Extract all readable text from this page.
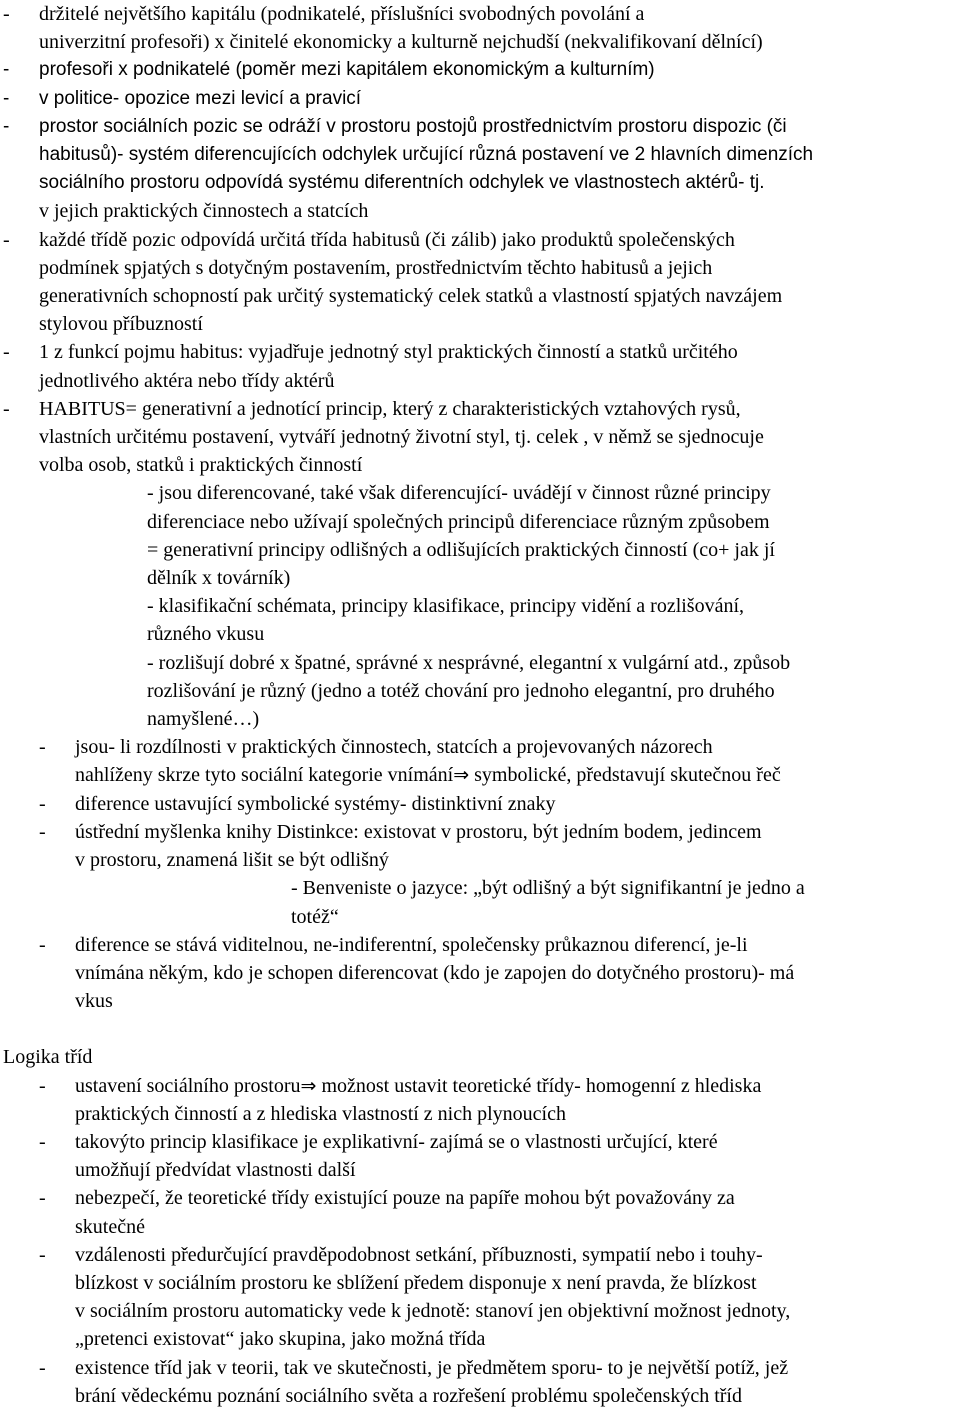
- držitelé největšího kapitálu (podnikatelé, příslušníci svobodných povolání a
univerzitní profesoři) x činitelé ekonomicky a kulturně nejchudší (nekvalifikovaní dělnící)
- profesoři x podnikatelé (poměr mezi kapitálem ekonomickým a kulturním)
- v politice- opozice mezi levicí a pravicí
- prostor sociálních pozic se odráží v prostoru postojů prostřednictvím prostoru dispozic (či
habitusů)- systém diferencujících odchylek určující různá postavení ve 2 hlavních dimenzích
sociálního prostoru odpovídá systému diferentních odchylek ve vlastnostech aktérů- tj.
v jejich praktických činnostech a statcích
- každé třídě pozic odpovídá určitá třída habitusů (či zálib) jako produktů společenských
podmínek spjatých s dotyčným postavením, prostřednictvím těchto habitusů a jejich
generativních schopností pak určitý systematický celek statků a vlastností spjatých navzájem
stylovou příbuzností
- 1 z funkcí pojmu habitus: vyjadřuje jednotný styl praktických činností a statků určitého
jednotlivého aktéra nebo třídy aktérů
- HABITUS= generativní a jednotící princip, který z charakteristických vztahových rysů,
vlastních určitému postavení, vytváří jednotný životní styl, tj. celek , v němž se sjednocuje
volba osob, statků i praktických činností
- jsou diferencované, také však diferencující- uvádějí v činnost různé principy
diferenciace nebo užívají společných principů diferenciace různým způsobem
= generativní principy odlišných a odlišujících praktických činností (co+ jak jí
dělník x továrník)
- klasifikační schémata, principy klasifikace, principy vidění a rozlišování,
různého vkusu
- rozlišují dobré x špatné, správné x nesprávné, elegantní x vulgární atd., způsob
rozlišování je různý (jedno a totéž chování pro jednoho elegantní, pro druhého
namyšlené…)
- jsou- li rozdílnosti v praktických činnostech, statcích a projevovaných názorech
nahlíženy skrze tyto sociální kategorie vnímání⇒ symbolické, představují skutečnou řeč
- diference ustavující symbolické systémy- distinktivní znaky
- ústřední myšlenka knihy Distinkce: existovat v prostoru, být jedním bodem, jedincem
v prostoru, znamená lišit se být odlišný
- Benveniste o jazyce: „být odlišný a být signifikantní je jedno a
totéž“
- diference se stává viditelnou, ne-indiferentní, společensky průkaznou diferencí, je-li
vnímána někým, kdo je schopen diferencovat (kdo je zapojen do dotyčného prostoru)- má
vkus
Logika tříd
- ustavení sociálního prostoru⇒ možnost ustavit teoretické třídy- homogenní z hlediska
praktických činností a z hlediska vlastností z nich plynoucích
- takovýto princip klasifikace je explikativní- zajímá se o vlastnosti určující, které
umožňují předvídat vlastnosti další
- nebezpečí, že teoretické třídy existující pouze na papíře mohou být považovány za
skutečné
- vzdálenosti předurčující pravděpodobnost setkání, příbuznosti, sympatií nebo i touhy-
blízkost v sociálním prostoru ke sblížení předem disponuje x není pravda, že blízkost
v sociálním prostoru automaticky vede k jednotě: stanoví jen objektivní možnost jednoty,
„pretenci existovat“ jako skupina, jako možná třída
- existence tříd jak v teorii, tak ve skutečnosti, je předmětem sporu- to je největší potíž, jež
brání vědeckému poznání sociálního světa a rozřešení problému společenských tříd
